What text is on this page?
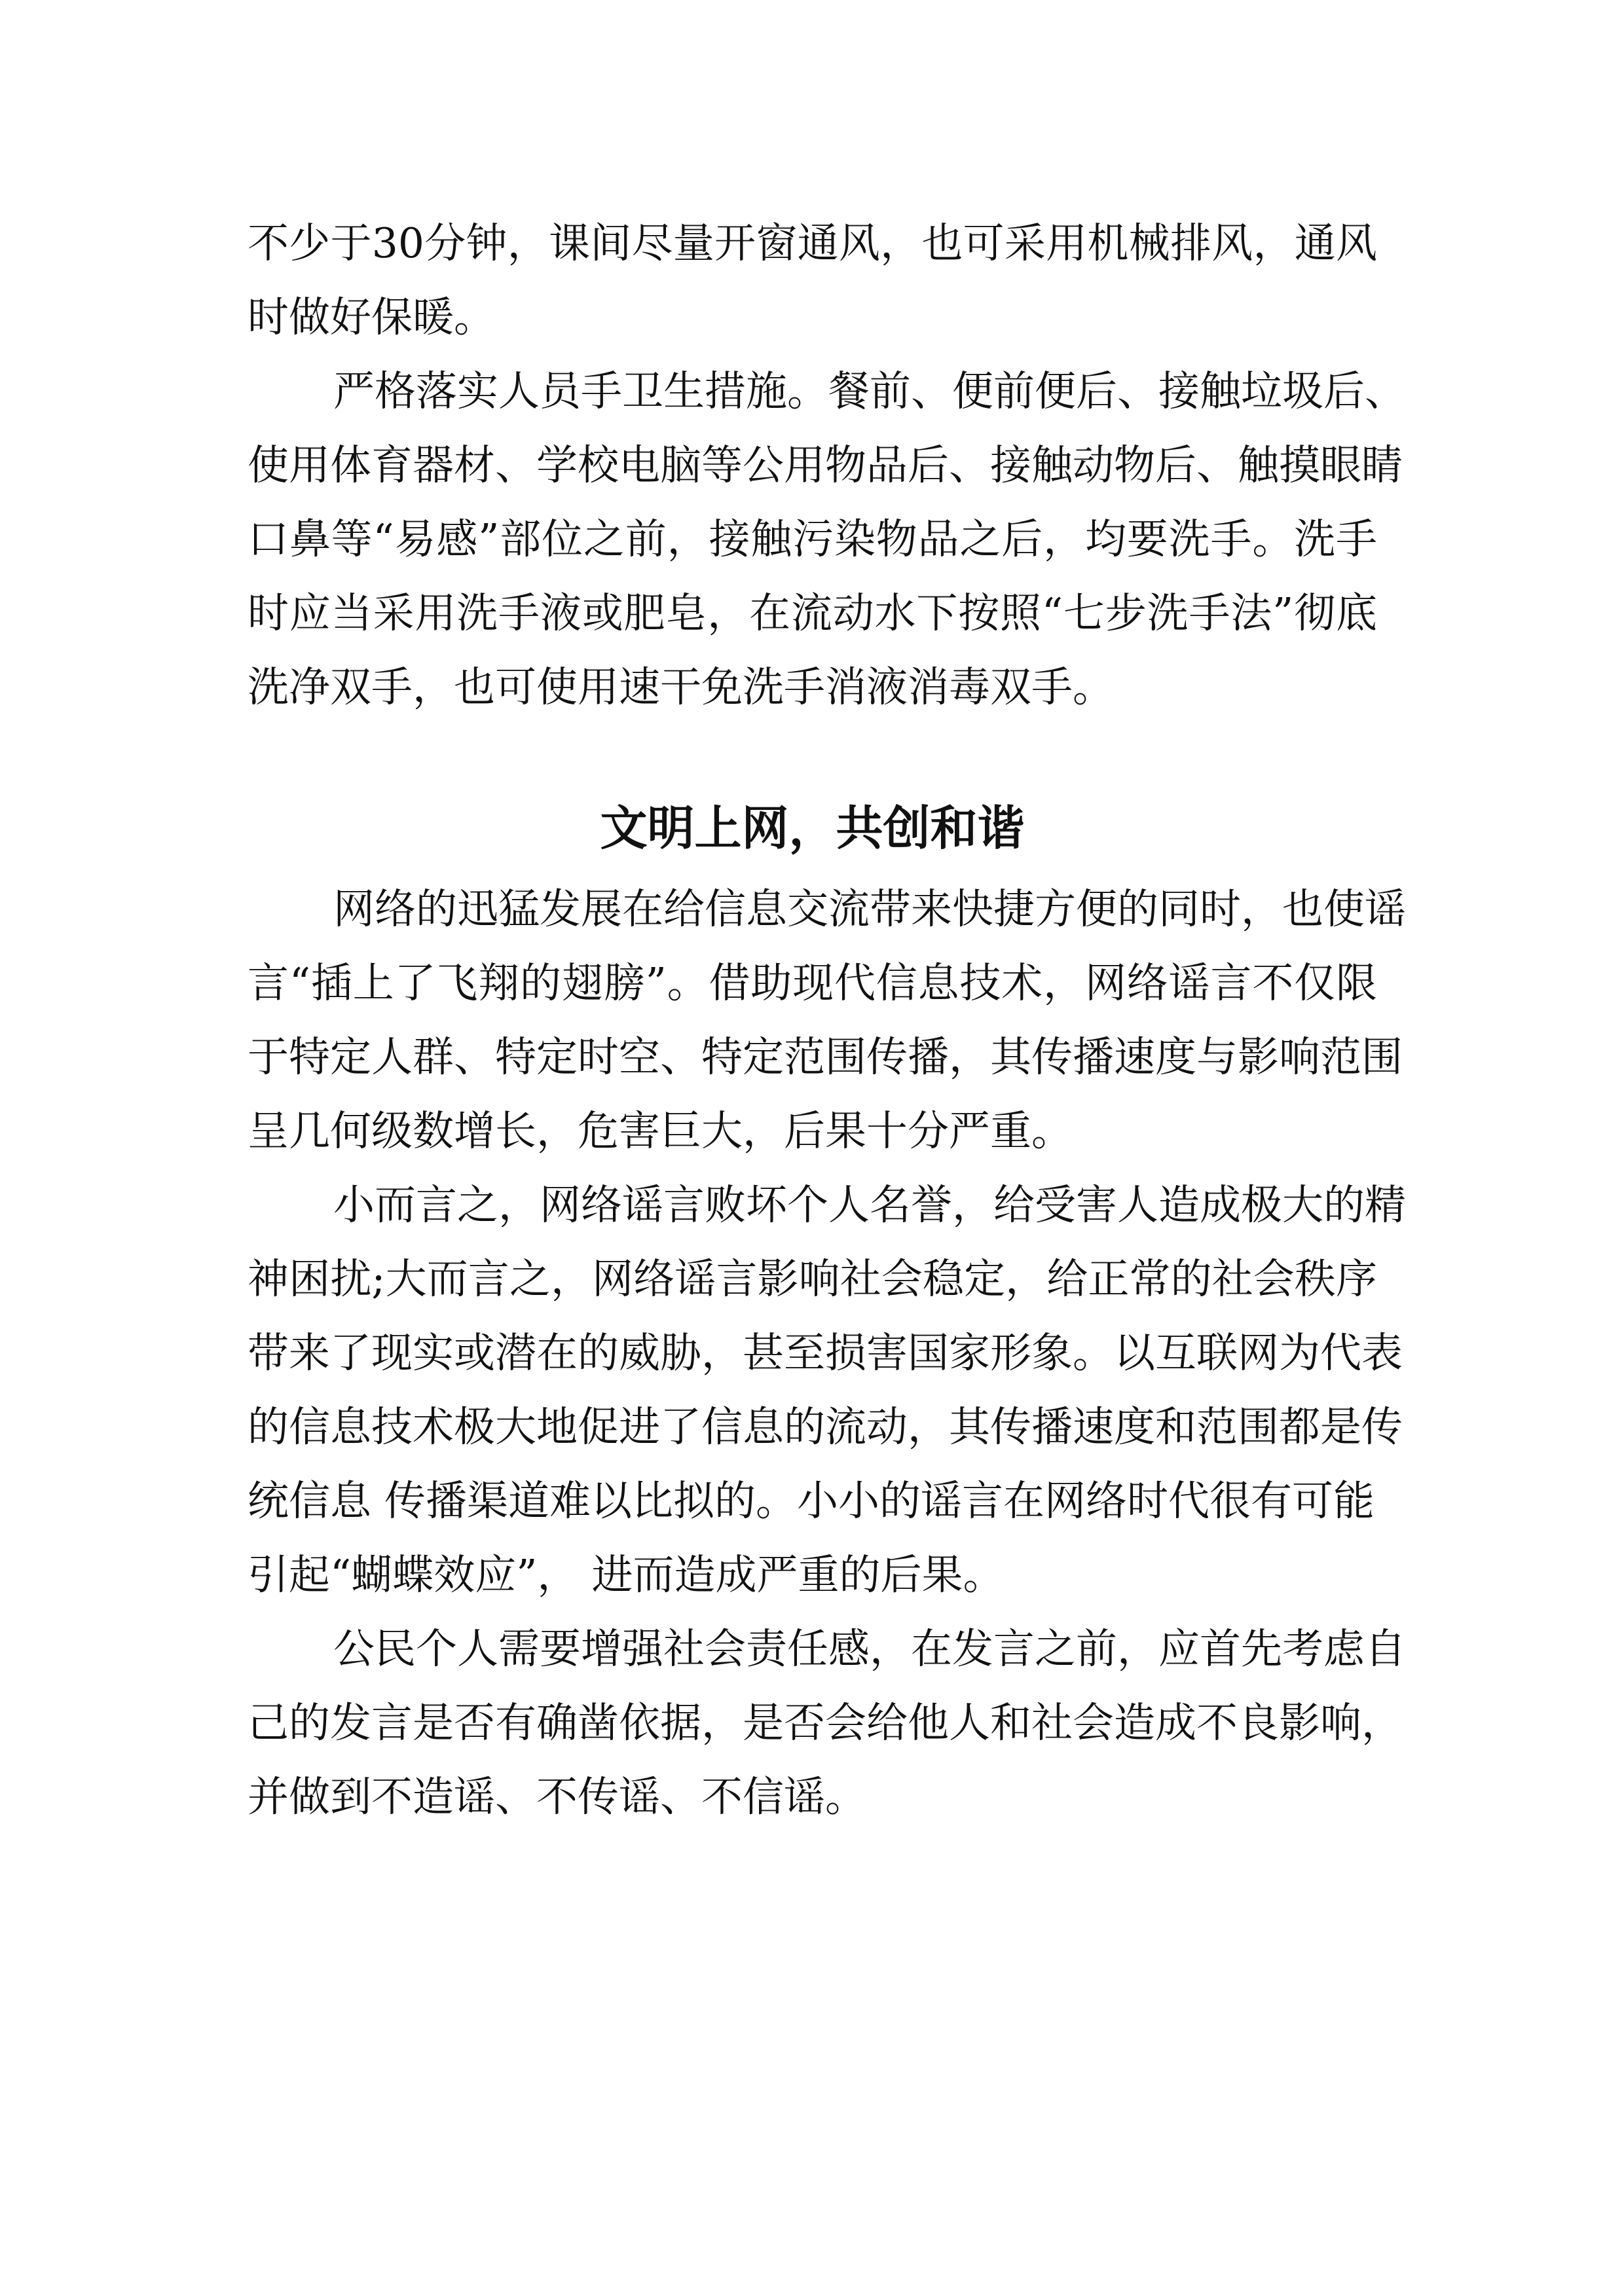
不少于30分钟，课间尽量开窗通风，也可采用机械排风，通风

时做好保暖。

严格落实人员手卫生措施。餐前、便前便后、接触垃圾后、

使用体育器材、学校电脑等公用物品后、接触动物后、触摸眼睛

口鼻等“易感”部位之前，接触污染物品之后，均要洗手。洗手

时应当采用洗手液或肥皂，在流动水下按照“七步洗手法”彻底

洗净双手，也可使用速干免洗手消液消毒双手。

文明上网，共创和谐

网络的迅猛发展在给信息交流带来快捷方便的同时，也使谣

言“插上了飞翔的翅膀”。借助现代信息技术，网络谣言不仅限

于特定人群、特定时空、特定范围传播，其传播速度与影响范围

呈几何级数增长，危害巨大，后果十分严重。

小而言之，网络谣言败坏个人名誉，给受害人造成极大的精

神困扰;大而言之，网络谣言影响社会稳定，给正常的社会秩序

带来了现实或潜在的威胁，甚至损害国家形象。以互联网为代表

的信息技术极大地促进了信息的流动，其传播速度和范围都是传

统信息 传播渠道难以比拟的。小小的谣言在网络时代很有可能

引起“蝴蝶效应”， 进而造成严重的后果。

公民个人需要增强社会责任感，在发言之前，应首先考虑自

己的发言是否有确凿依据，是否会给他人和社会造成不良影响，

并做到不造谣、不传谣、不信谣。
